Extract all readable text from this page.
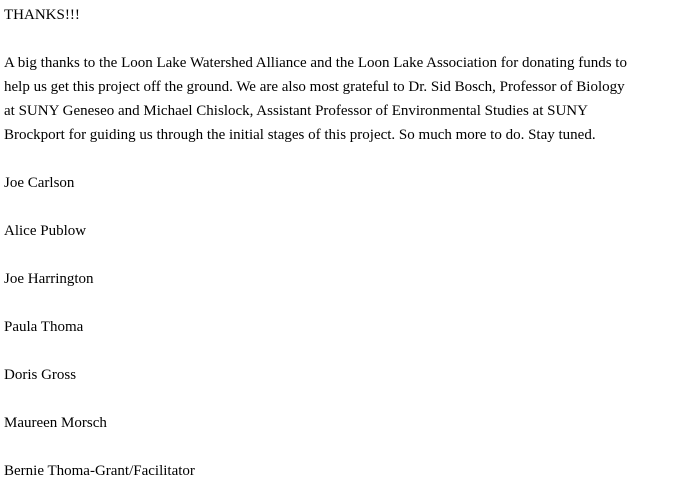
THANKS!!!

A big thanks to the Loon Lake Watershed Alliance and the Loon Lake Association for donating funds to
help us get this project off the ground. We are also most grateful to Dr. Sid Bosch, Professor of Biology
at SUNY Geneseo and Michael Chislock, Assistant Professor of Environmental Studies at SUNY
Brockport for guiding us through the initial stages of this project. So much more to do. Stay tuned.

Joe Carlson
Alice Publow
Joe Harrington
Paula Thoma
Doris Gross
Maureen Morsch
Bernie Thoma-Grant/Facilitator
